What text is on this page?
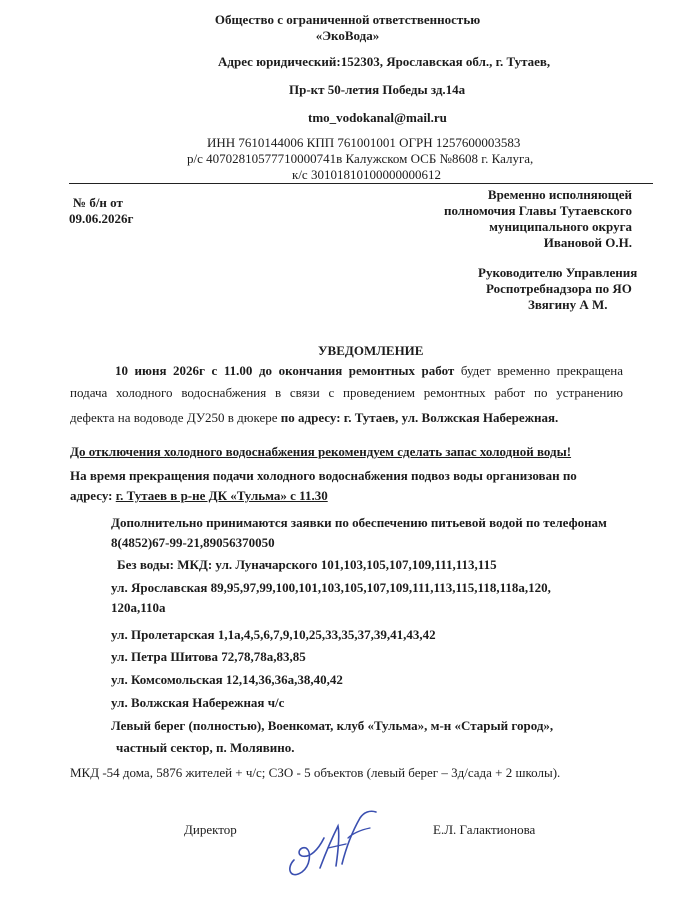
Общество с ограниченной ответственностью
«ЭкоВода»
Адрес юридический:152303, Ярославская обл., г. Тутаев,
Пр-кт 50-летия Победы зд.14а
tmo_vodokanal@mail.ru
ИНН 7610144006 КПП 761001001 ОГРН 1257600003583
р/с 40702810577710000741в Калужском ОСБ №8608 г. Калуга,
к/с 30101810100000000612
№ б/н от
09.06.2026г
Временно исполняющей
полномочия Главы Тутаевского
муниципального округа
Ивановой О.Н.
Руководителю Управления
Роспотребнадзора по ЯО
Звягину А М.
УВЕДОМЛЕНИЕ
10 июня 2026г с 11.00 до окончания ремонтных работ будет временно прекращена
подача холодного водоснабжения в связи с проведением ремонтных работ по устранению
дефекта на водоводе ДУ250 в дюкере по адресу: г. Тутаев, ул. Волжская Набережная.
До отключения холодного водоснабжения рекомендуем сделать запас холодной воды!
На время прекращения подачи холодного водоснабжения подвоз воды организован по
адресу: г. Тутаев в р-не ДК «Тульма» с 11.30
Дополнительно принимаются заявки по обеспечению питьевой водой по телефонам
8(4852)67-99-21,89056370050
Без воды: МКД: ул. Луначарского 101,103,105,107,109,111,113,115
ул. Ярославская 89,95,97,99,100,101,103,105,107,109,111,113,115,118,118а,120,
120а,110а
ул. Пролетарская 1,1а,4,5,6,7,9,10,25,33,35,37,39,41,43,42
ул. Петра Шитова 72,78,78а,83,85
ул. Комсомольская 12,14,36,36а,38,40,42
ул. Волжская Набережная ч/с
Левый берег (полностью), Военкомат, клуб «Тульма», м-н «Старый город»,
частный сектор, п. Молявино.
МКД -54 дома, 5876 жителей + ч/с; СЗО - 5 объектов (левый берег – 3д/сада + 2 школы).
Директор	Е.Л. Галактионова
